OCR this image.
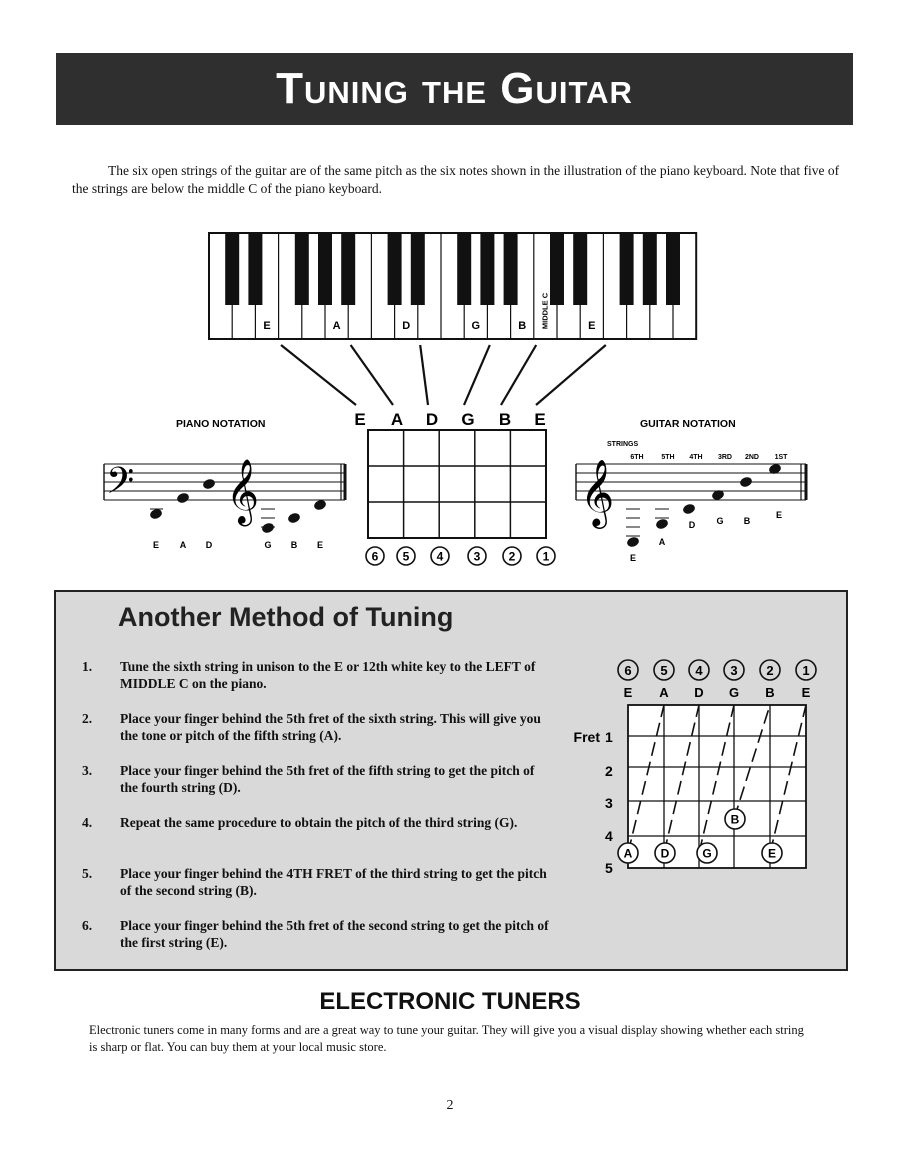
Tuning the Guitar

The six open strings of the guitar are of the same pitch as the six notes shown in the illustration of the piano keyboard. Note that five of the strings are below the middle C of the piano keyboard.

E	A	D	G	B	E
MIDDLE C
E A D G B E
6 5 4	3 2 1
PIANO NOTATION
𝄢 𝄞
E A D	G B E
GUITAR NOTATION
STRINGS
𝄞
6TH	5TH 4TH 3RD 2ND 1ST
E
A
D G B
E
Another Method of Tuning
1.	Tune the sixth string in unison to the E or 12th white key to the LEFT of MIDDLE C on the piano.
2.	Place your finger behind the 5th fret of the sixth string. This will give you the tone or pitch of the fifth string (A).
3.	Place your finger behind the 5th fret of the fifth string to get the pitch of the fourth string (D).
4.	Repeat the same procedure to obtain the pitch of the third string (G).
5.	Place your finger behind the 4TH FRET of the third string to get the pitch of the second string (B).
6.	Place your finger behind the 5th fret of the second string to get the pitch of the first string (E).
6
E
5
A
4
D
3
G
2
B
1
E
Fret 1
2
3
4
5
A D	G
B
E
ELECTRONIC TUNERS

Electronic tuners come in many forms and are a great way to tune your guitar. They will give you a visual display showing whether each string is sharp or flat. You can buy them at your local music store.

2
